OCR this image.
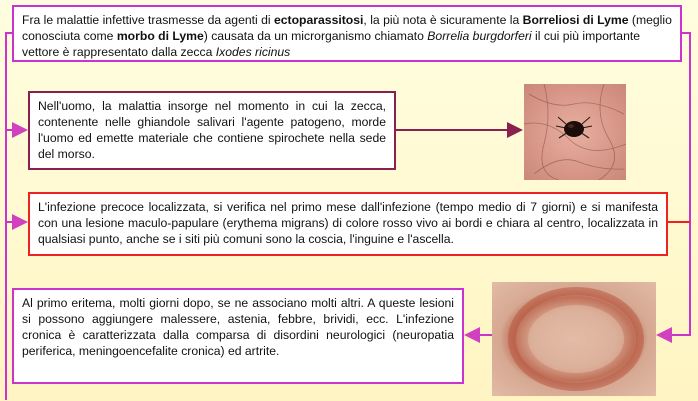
Fra le malattie infettive trasmesse da agenti di ectoparassitosi, la più nota è sicuramente la Borreliosi di Lyme (meglio conosciuta come morbo di Lyme) causata da un microrganismo chiamato Borrelia burgdorferi il cui più importante vettore è rappresentato dalla zecca Ixodes ricinus
Nell'uomo, la malattia insorge nel momento in cui la zecca, contenente nelle ghiandole salivari l'agente patogeno, morde l'uomo ed emette materiale che contiene spirochete nella sede del morso.
L'infezione precoce localizzata, si verifica nel primo mese dall'infezione (tempo medio di 7 giorni) e si manifesta con una lesione maculo-papulare (erythema migrans) di colore rosso vivo ai bordi e chiara al centro, localizzata in qualsiasi punto, anche se i siti più comuni sono la coscia, l'inguine e l'ascella.
Al primo eritema, molti giorni dopo, se ne associano molti altri. A queste lesioni si possono aggiungere malessere, astenia, febbre, brividi, ecc. L'infezione cronica è caratterizzata dalla comparsa di disordini neurologici (neuropatia periferica, meningoencefalite cronica) ed artrite.
